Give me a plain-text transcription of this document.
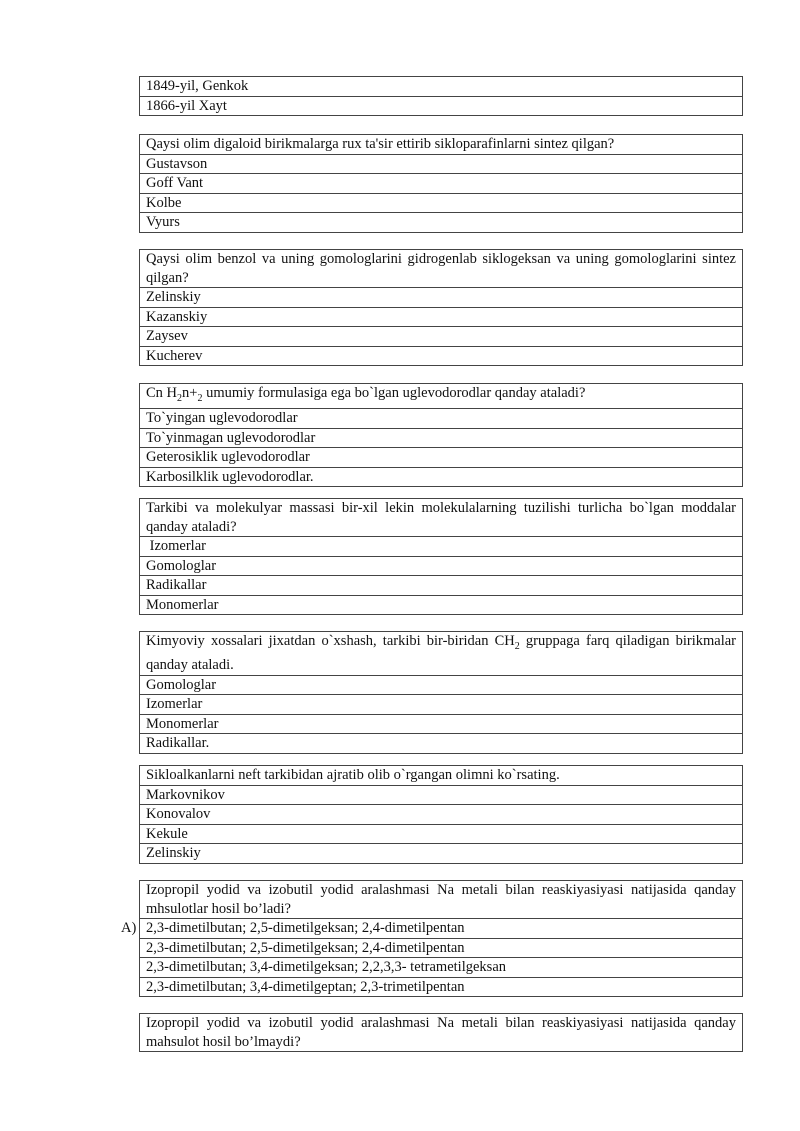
1849-yil, Genkok
1866-yil Xayt
Qaysi olim digaloid birikmalarga rux ta'sir ettirib sikloparafinlarni sintez qilgan?
Gustavson
Goff Vant
Kolbe
Vyurs
Qaysi olim benzol va uning gomologlarini gidrogenlab siklogeksan va uning gomologlarini sintez qilgan?
Zelinskiy
Kazanskiy
Zaysev
Kucherev
Cn $H_2n+_2$ umumiy formulasiga ega bo`lgan uglevodorodlar qanday ataladi?
To`yingan uglevodorodlar
To`yinmagan uglevodorodlar
Geterosiklik uglevodorodlar
Karbosilklik uglevodorodlar.
Tarkibi va molekulyar massasi bir-xil lekin molekulalarning tuzilishi turlicha bo`lgan moddalar qanday ataladi?
Izomerlar
Gomologlar
Radikallar
Monomerlar
Kimyoviy xossalari jixatdan o`xshash, tarkibi bir-biridan $CH_2$ gruppaga farq qiladigan birikmalar qanday ataladi.
Gomologlar
Izomerlar
Monomerlar
Radikallar.
Sikloalkanlarni neft tarkibidan ajratib olib o`rgangan olimni ko`rsating.
Markovnikov
Konovalov
Kekule
Zelinskiy
A)
Izopropil yodid va izobutil yodid aralashmasi Na metali bilan reaskiyasiyasi natijasida qanday mhsulotlar hosil bo’ladi?
2,3-dimetilbutan; 2,5-dimetilgeksan; 2,4-dimetilpentan
2,3-dimetilbutan; 2,5-dimetilgeksan; 2,4-dimetilpentan
2,3-dimetilbutan; 3,4-dimetilgeksan; 2,2,3,3- tetrametilgeksan
2,3-dimetilbutan; 3,4-dimetilgeptan; 2,3-trimetilpentan
Izopropil yodid va izobutil yodid aralashmasi Na metali bilan reaskiyasiyasi natijasida qanday mahsulot hosil bo’lmaydi?
